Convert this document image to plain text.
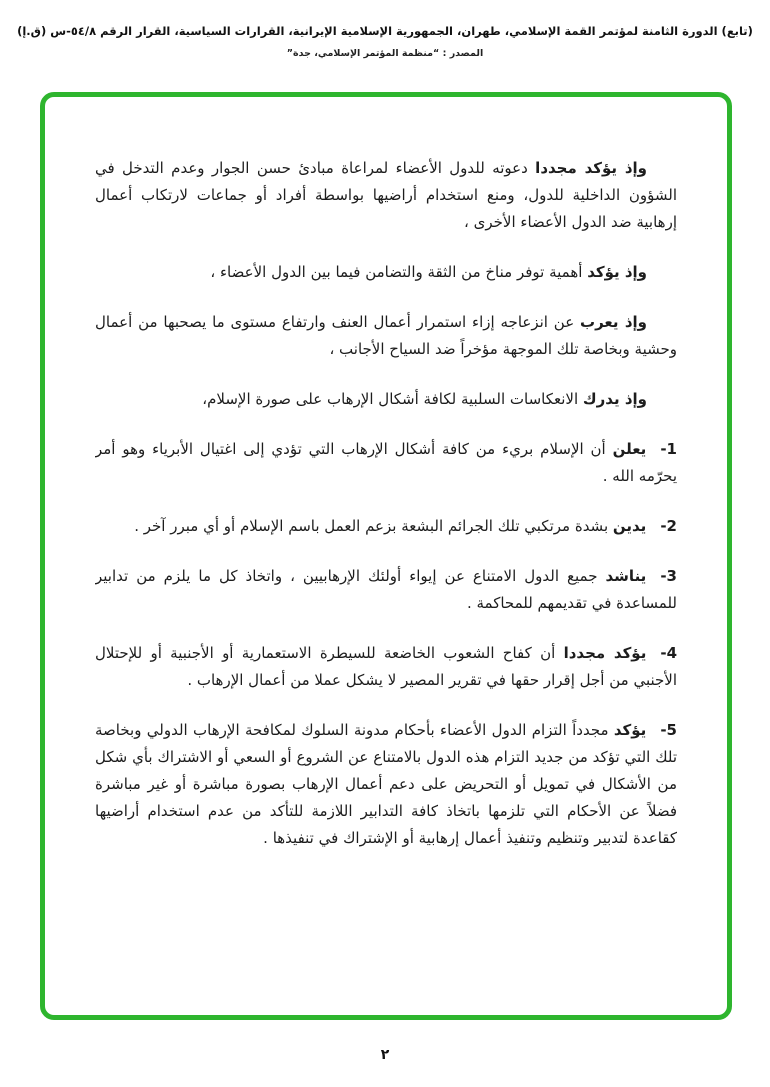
(تابع) الدورة الثامنة لمؤتمر القمة الإسلامي، طهران، الجمهورية الإسلامية الإيرانية، القرارات السياسية، القرار الرقم ٥٤/٨-س (ق.إ)
المصدر : “منظمة المؤتمر الإسلامي، جدة”

وإذ يؤكد مجددا دعوته للدول الأعضاء لمراعاة مبادئ حسن الجوار وعدم التدخل في الشؤون الداخلية للدول، ومنع استخدام أراضيها بواسطة أفراد أو جماعات لارتكاب أعمال إرهابية ضد الدول الأعضاء الأخرى ،

وإذ يؤكد أهمية توفر مناخ من الثقة والتضامن فيما بين الدول الأعضاء ،

وإذ يعرب عن انزعاجه إزاء استمرار أعمال العنف وارتفاع مستوى ما يصحبها من أعمال وحشية وبخاصة تلك الموجهة مؤخراً ضد السياح الأجانب ،

وإذ يدرك الانعكاسات السلبية لكافة أشكال الإرهاب على صورة الإسلام،

-1يعلن أن الإسلام بريء من كافة أشكال الإرهاب التي تؤدي إلى اغتيال الأبرياء وهو أمر يحرّمه الله .

-2يدين بشدة مرتكبي تلك الجرائم البشعة بزعم العمل باسم الإسلام أو أي مبرر آخر .

-3يناشد جميع الدول الامتناع عن إيواء أولئك الإرهابيين ، واتخاذ كل ما يلزم من تدابير للمساعدة في تقديمهم للمحاكمة .

-4يؤكد مجددا أن كفاح الشعوب الخاضعة للسيطرة الاستعمارية أو الأجنبية أو للإحتلال الأجنبي من أجل إقرار حقها في تقرير المصير لا يشكل عملا من أعمال الإرهاب .

-5يؤكد مجدداً التزام الدول الأعضاء بأحكام مدونة السلوك لمكافحة الإرهاب الدولي وبخاصة تلك التي تؤكد من جديد التزام هذه الدول بالامتناع عن الشروع أو السعي أو الاشتراك بأي شكل من الأشكال في تمويل أو التحريض على دعم أعمال الإرهاب بصورة مباشرة أو غير مباشرة فضلاً عن الأحكام التي تلزمها باتخاذ كافة التدابير اللازمة للتأكد من عدم استخدام أراضيها كقاعدة لتدبير وتنظيم وتنفيذ أعمال إرهابية أو الإشتراك في تنفيذها .

٢
